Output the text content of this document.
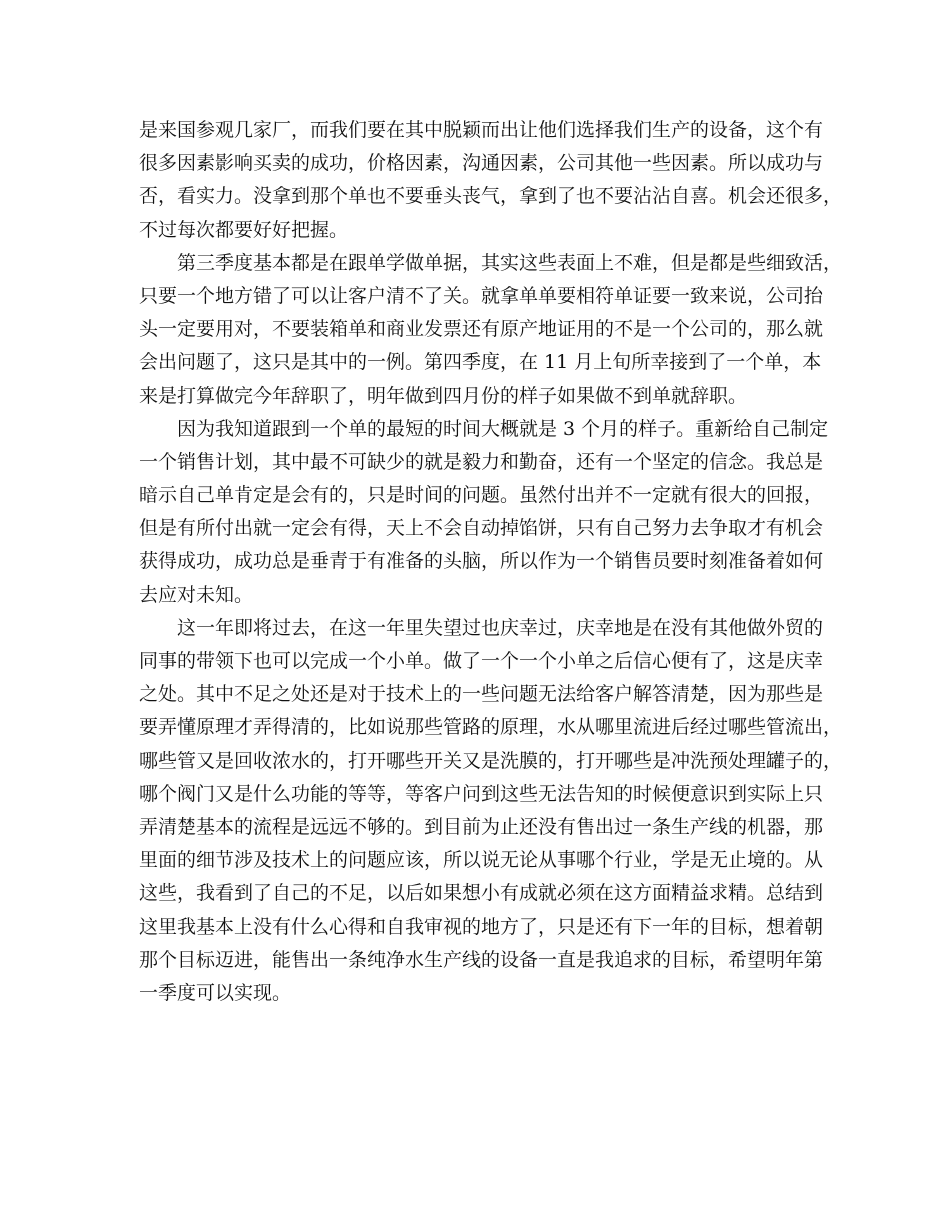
是来国参观几家厂，而我们要在其中脱颖而出让他们选择我们生产的设备，这个有
很多因素影响买卖的成功，价格因素，沟通因素，公司其他一些因素。所以成功与
否，看实力。没拿到那个单也不要垂头丧气，拿到了也不要沾沾自喜。机会还很多，
不过每次都要好好把握。
第三季度基本都是在跟单学做单据，其实这些表面上不难，但是都是些细致活，
只要一个地方错了可以让客户清不了关。就拿单单要相符单证要一致来说，公司抬
头一定要用对，不要装箱单和商业发票还有原产地证用的不是一个公司的，那么就
会出问题了，这只是其中的一例。第四季度，在 11 月上旬所幸接到了一个单，本
来是打算做完今年辞职了，明年做到四月份的样子如果做不到单就辞职。
因为我知道跟到一个单的最短的时间大概就是 3 个月的样子。重新给自己制定
一个销售计划，其中最不可缺少的就是毅力和勤奋，还有一个坚定的信念。我总是
暗示自己单肯定是会有的，只是时间的问题。虽然付出并不一定就有很大的回报，
但是有所付出就一定会有得，天上不会自动掉馅饼，只有自己努力去争取才有机会
获得成功，成功总是垂青于有准备的头脑，所以作为一个销售员要时刻准备着如何
去应对未知。
这一年即将过去，在这一年里失望过也庆幸过，庆幸地是在没有其他做外贸的
同事的带领下也可以完成一个小单。做了一个一个小单之后信心便有了，这是庆幸
之处。其中不足之处还是对于技术上的一些问题无法给客户解答清楚，因为那些是
要弄懂原理才弄得清的，比如说那些管路的原理，水从哪里流进后经过哪些管流出，
哪些管又是回收浓水的，打开哪些开关又是洗膜的，打开哪些是冲洗预处理罐子的，
哪个阀门又是什么功能的等等，等客户问到这些无法告知的时候便意识到实际上只
弄清楚基本的流程是远远不够的。到目前为止还没有售出过一条生产线的机器，那
里面的细节涉及技术上的问题应该，所以说无论从事哪个行业，学是无止境的。从
这些，我看到了自己的不足，以后如果想小有成就必须在这方面精益求精。总结到
这里我基本上没有什么心得和自我审视的地方了，只是还有下一年的目标，想着朝
那个目标迈进，能售出一条纯净水生产线的设备一直是我追求的目标，希望明年第
一季度可以实现。
